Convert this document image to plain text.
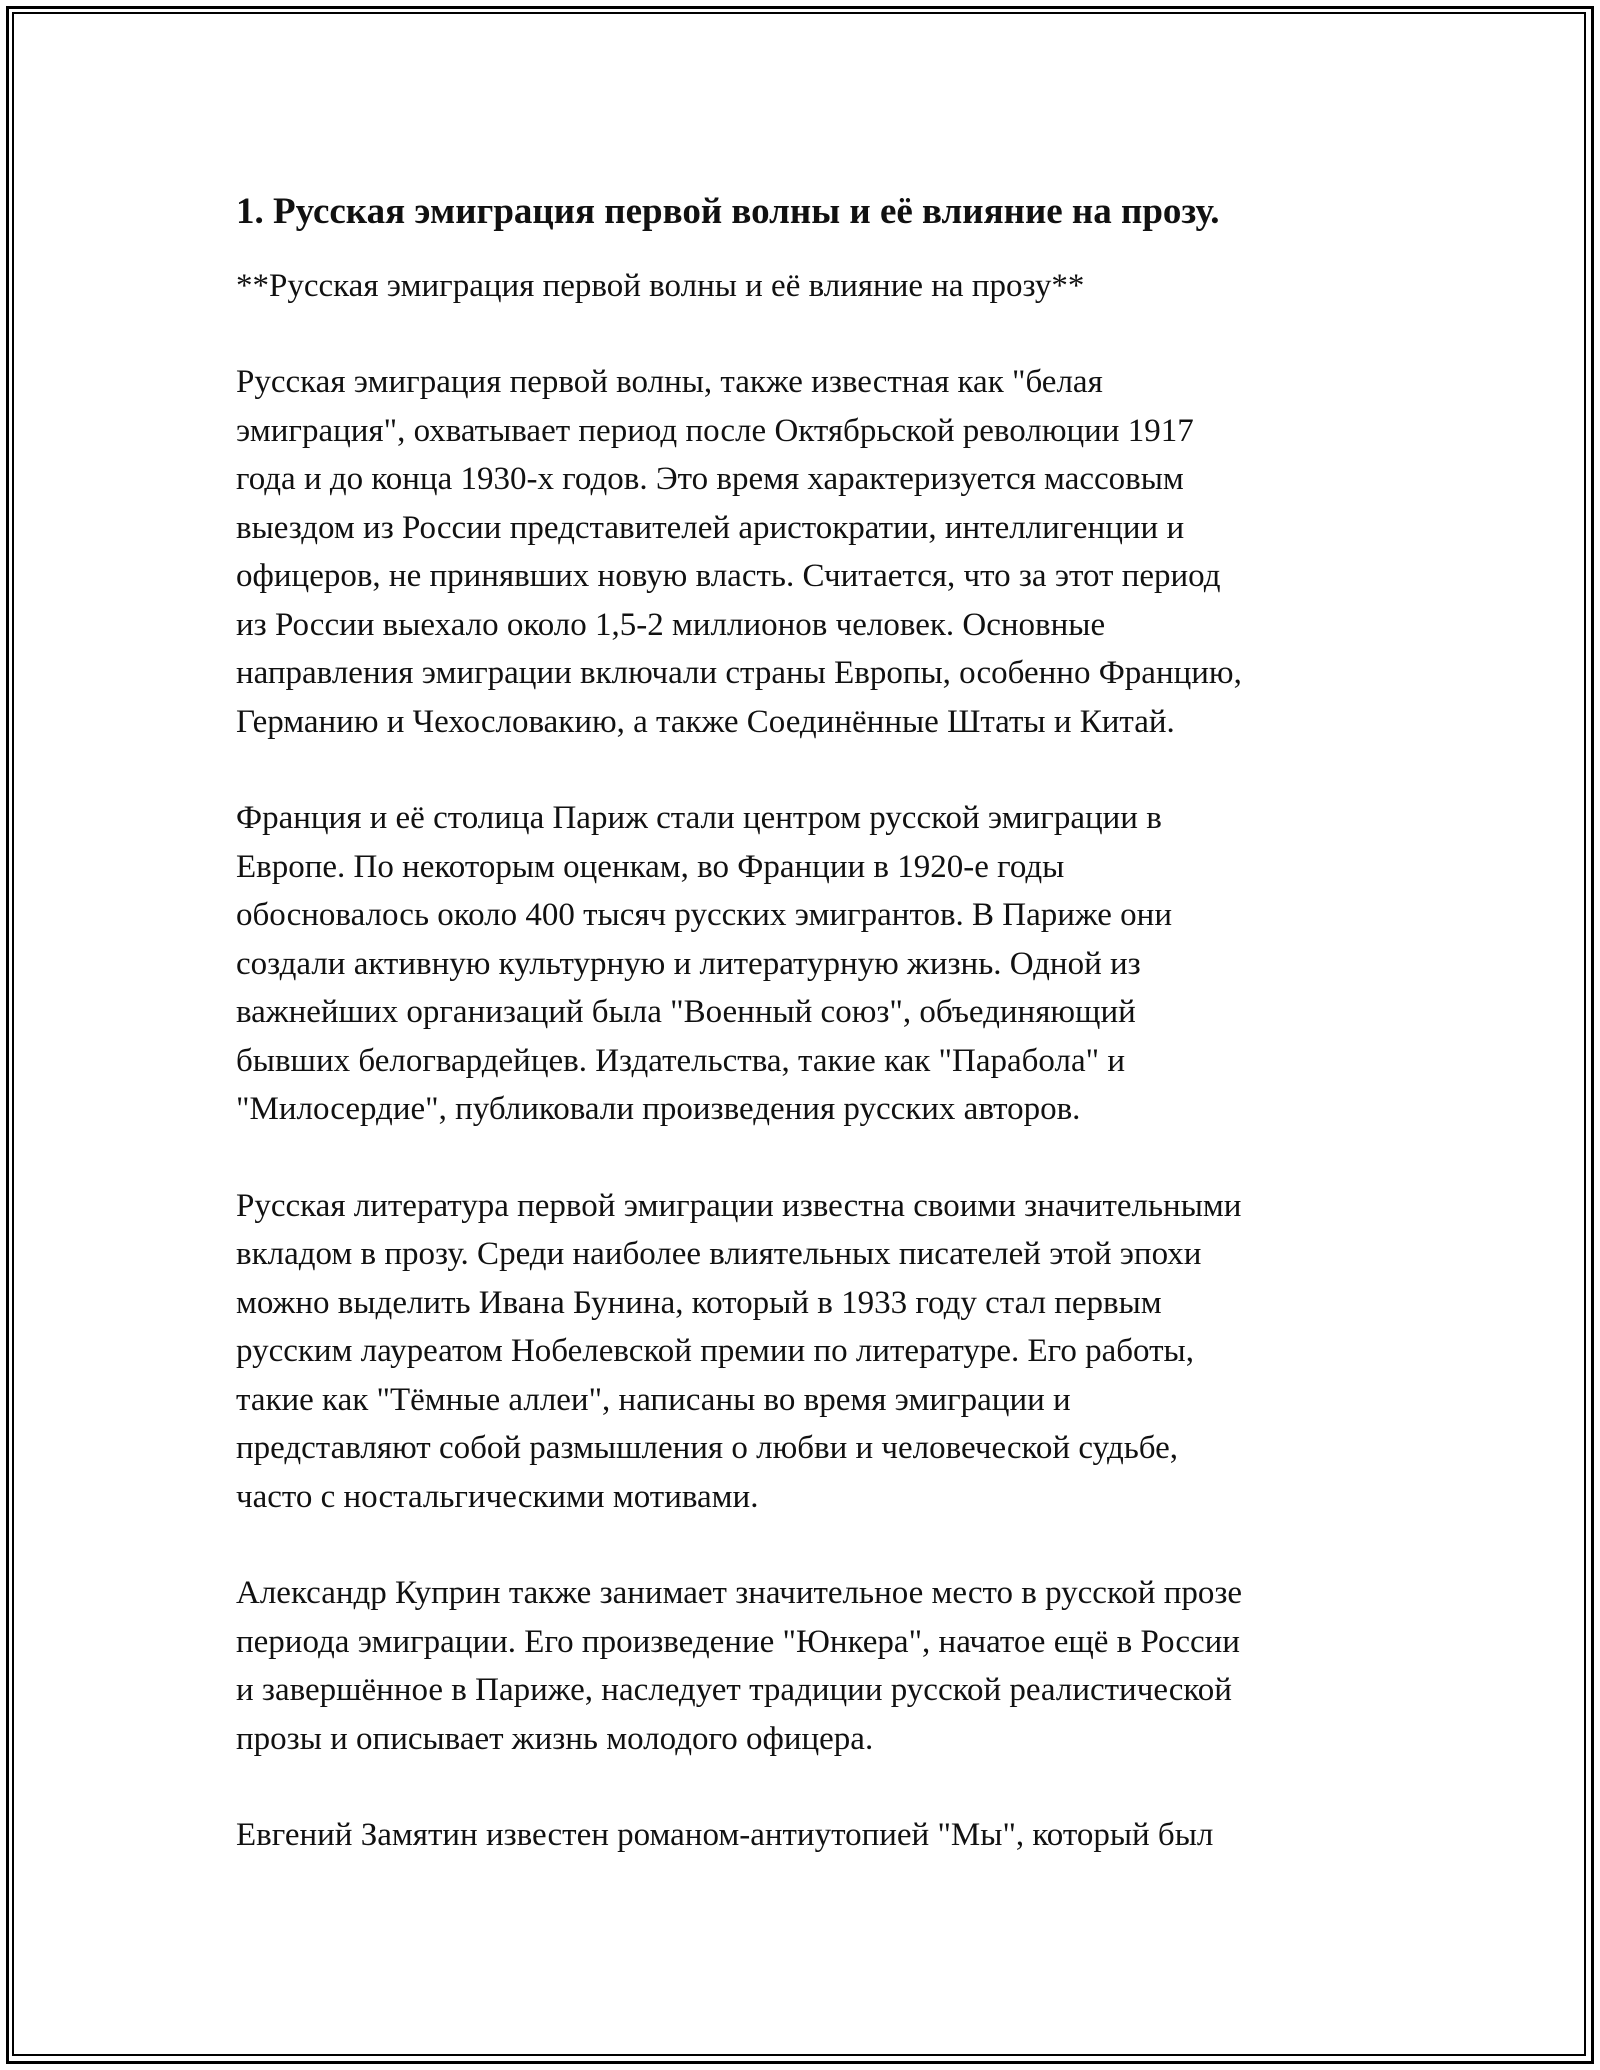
1. Русская эмиграция первой волны и её влияние на прозу.

**Русская эмиграция первой волны и её влияние на прозу**

Русская эмиграция первой волны, также известная как "белая
эмиграция", охватывает период после Октябрьской революции 1917
года и до конца 1930-х годов. Это время характеризуется массовым
выездом из России представителей аристократии, интеллигенции и
офицеров, не принявших новую власть. Считается, что за этот период
из России выехало около 1,5-2 миллионов человек. Основные
направления эмиграции включали страны Европы, особенно Францию,
Германию и Чехословакию, а также Соединённые Штаты и Китай.

Франция и её столица Париж стали центром русской эмиграции в
Европе. По некоторым оценкам, во Франции в 1920-е годы
обосновалось около 400 тысяч русских эмигрантов. В Париже они
создали активную культурную и литературную жизнь. Одной из
важнейших организаций была "Военный союз", объединяющий
бывших белогвардейцев. Издательства, такие как "Парабола" и
"Милосердие", публиковали произведения русских авторов.

Русская литература первой эмиграции известна своими значительными
вкладом в прозу. Среди наиболее влиятельных писателей этой эпохи
можно выделить Ивана Бунина, который в 1933 году стал первым
русским лауреатом Нобелевской премии по литературе. Его работы,
такие как "Тёмные аллеи", написаны во время эмиграции и
представляют собой размышления о любви и человеческой судьбе,
часто с ностальгическими мотивами.

Александр Куприн также занимает значительное место в русской прозе
периода эмиграции. Его произведение "Юнкера", начатое ещё в России
и завершённое в Париже, наследует традиции русской реалистической
прозы и описывает жизнь молодого офицера.

Евгений Замятин известен романом-антиутопией "Мы", который был
